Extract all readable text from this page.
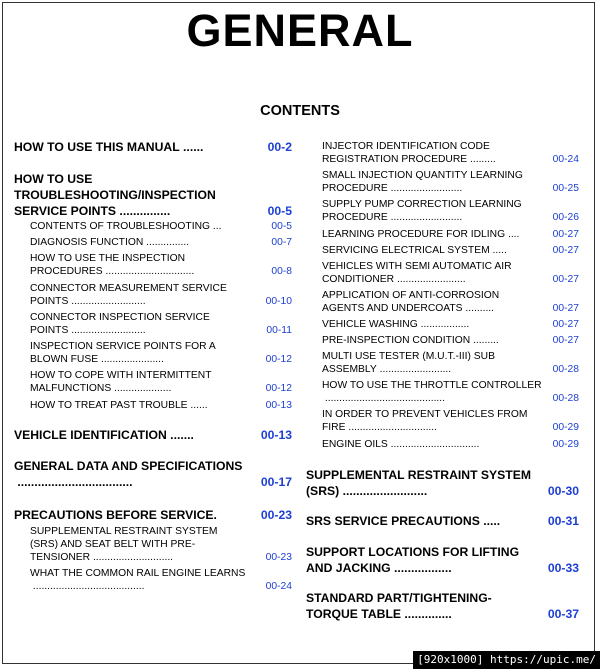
GENERAL
CONTENTS
HOW TO USE THIS MANUAL ......	00-2
HOW TO USE
TROUBLESHOOTING/INSPECTION
SERVICE POINTS ...............	00-5
CONTENTS OF TROUBLESHOOTING ...	00-5
DIAGNOSIS FUNCTION ...............	00-7
HOW TO USE THE INSPECTION
PROCEDURES ...............................	00-8
CONNECTOR MEASUREMENT SERVICE
POINTS ..........................	00-10
CONNECTOR INSPECTION SERVICE
POINTS ..........................	00-11
INSPECTION SERVICE POINTS FOR A
BLOWN FUSE ......................	00-12
HOW TO COPE WITH INTERMITTENT
MALFUNCTIONS ....................	00-12
HOW TO TREAT PAST TROUBLE ......	00-13
VEHICLE IDENTIFICATION .......	00-13
GENERAL DATA AND SPECIFICATIONS
..................................	00-17
PRECAUTIONS BEFORE SERVICE.	00-23
SUPPLEMENTAL RESTRAINT SYSTEM
(SRS) AND SEAT BELT WITH PRE-
TENSIONER ............................	00-23
WHAT THE COMMON RAIL ENGINE LEARNS
.......................................	00-24
INJECTOR IDENTIFICATION CODE
REGISTRATION PROCEDURE .........	00-24
SMALL INJECTION QUANTITY LEARNING
PROCEDURE .........................	00-25
SUPPLY PUMP CORRECTION LEARNING
PROCEDURE .........................	00-26
LEARNING PROCEDURE FOR IDLING ....	00-27
SERVICING ELECTRICAL SYSTEM .....	00-27
VEHICLES WITH SEMI AUTOMATIC AIR
CONDITIONER ........................	00-27
APPLICATION OF ANTI-CORROSION
AGENTS AND UNDERCOATS ..........	00-27
VEHICLE WASHING .................	00-27
PRE-INSPECTION CONDITION .........	00-27
MULTI USE TESTER (M.U.T.-III) SUB
ASSEMBLY .........................	00-28
HOW TO USE THE THROTTLE CONTROLLER
..........................................	00-28
IN ORDER TO PREVENT VEHICLES FROM
FIRE ...............................	00-29
ENGINE OILS ...............................	00-29
SUPPLEMENTAL RESTRAINT SYSTEM
(SRS) .........................	00-30
SRS SERVICE PRECAUTIONS .....	00-31
SUPPORT LOCATIONS FOR LIFTING
AND JACKING .................	00-33
STANDARD PART/TIGHTENING-
TORQUE TABLE ..............	00-37
[920x1000] https://upic.me/
